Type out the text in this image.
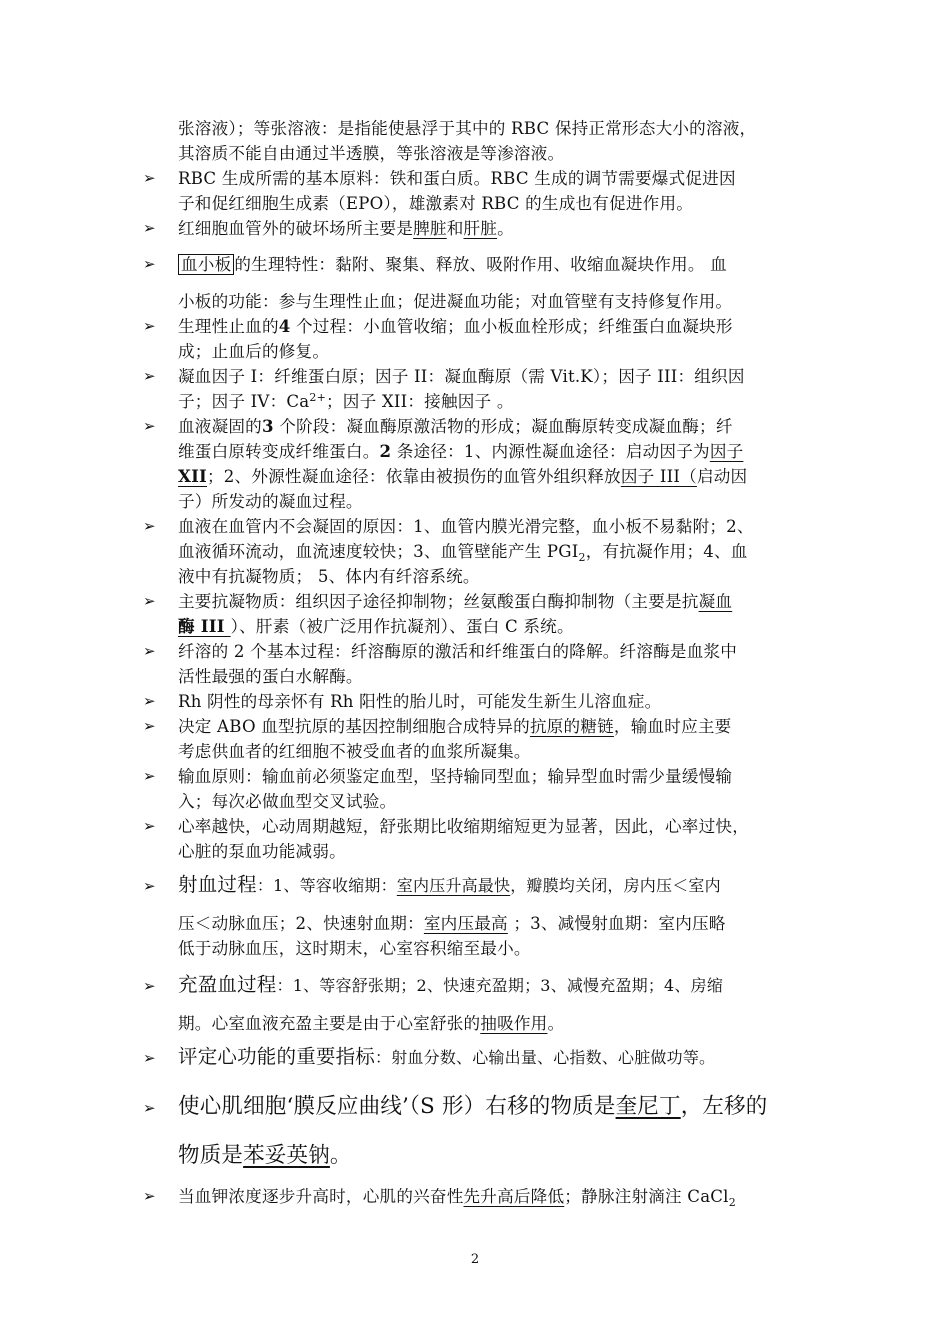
张溶液）；等张溶液：是指能使悬浮于其中的 RBC 保持正常形态大小的溶液，
其溶质不能自由通过半透膜，等张溶液是等渗溶液。
➢ RBC 生成所需的基本原料：铁和蛋白质。RBC 生成的调节需要爆式促进因
子和促红细胞生成素（EPO），雄激素对 RBC 的生成也有促进作用。
➢ 红细胞血管外的破坏场所主要是脾脏和肝脏。
➢ 血小板 的生理特性：黏附、聚集、释放、吸附作用、收缩血凝块作用。 血
小板的功能：参与生理性止血；促进凝血功能；对血管壁有支持修复作用。
➢ 生理性止血的4 个过程：小血管收缩；血小板血栓形成；纤维蛋白血凝块形
成；止血后的修复。
➢ 凝血因子 I：纤维蛋白原；因子 II：凝血酶原（需 Vit.K）；因子 III：组织因
子；因子 IV：$Ca^{2+}$；因子 XII：接触因子 。
➢ 血液凝固的3 个阶段：凝血酶原激活物的形成；凝血酶原转变成凝血酶；纤
维蛋白原转变成纤维蛋白。2 条途径：1、内源性凝血途径：启动因子为因子
XII；2、外源性凝血途径：依靠由被损伤的血管外组织释放因子 III（启动因
子）所发动的凝血过程。
➢ 血液在血管内不会凝固的原因：1、血管内膜光滑完整，血小板不易黏附；2、
血液循环流动，血流速度较快；3、血管壁能产生 $PGI_2$，有抗凝作用；4、血
液中有抗凝物质； 5、体内有纤溶系统。
➢ 主要抗凝物质：组织因子途径抑制物；丝氨酸蛋白酶抑制物（主要是抗凝血
酶 III ）、肝素（被广泛用作抗凝剂）、蛋白 C 系统。
➢ 纤溶的 2 个基本过程：纤溶酶原的激活和纤维蛋白的降解。纤溶酶是血浆中
活性最强的蛋白水解酶。
➢ Rh 阴性的母亲怀有 Rh 阳性的胎儿时，可能发生新生儿溶血症。
➢ 决定 ABO 血型抗原的基因控制细胞合成特异的抗原的糖链，输血时应主要
考虑供血者的红细胞不被受血者的血浆所凝集。
➢ 输血原则：输血前必须鉴定血型，坚持输同型血；输异型血时需少量缓慢输
入；每次必做血型交叉试验。
➢ 心率越快，心动周期越短，舒张期比收缩期缩短更为显著，因此，心率过快，
心脏的泵血功能减弱。
➢ 射血过程：1、等容收缩期：室内压升高最快，瓣膜均关闭，房内压＜室内
压＜动脉血压；2、快速射血期：室内压最高 ；3、减慢射血期：室内压略
低于动脉血压，这时期末，心室容积缩至最小。
➢ 充盈血过程：1、等容舒张期；2、快速充盈期；3、减慢充盈期；4、房缩
期。心室血液充盈主要是由于心室舒张的抽吸作用。
➢ 评定心功能的重要指标：射血分数、心输出量、心指数、心脏做功等。
➢ 使心肌细胞‘膜反应曲线’（S 形）右移的物质是奎尼丁，左移的
物质是苯妥英钠。
➢ 当血钾浓度逐步升高时，心肌的兴奋性先升高后降低；静脉注射滴注 CaCl$_2$
2
